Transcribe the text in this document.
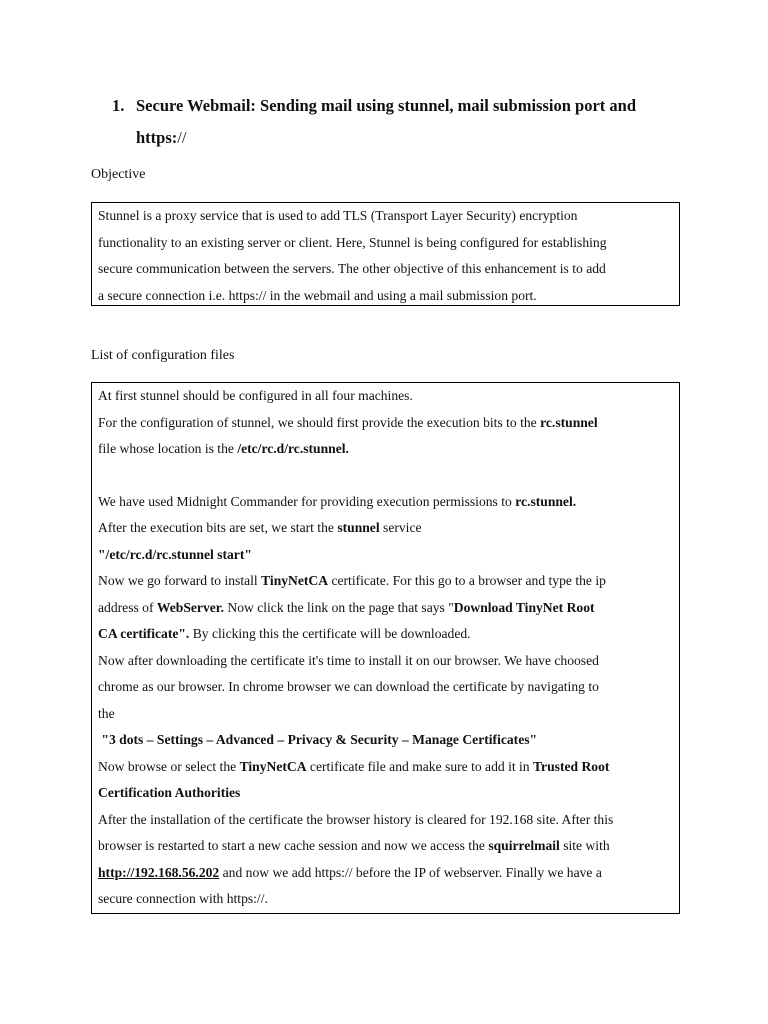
1. Secure Webmail: Sending mail using stunnel, mail submission port and https://

Objective

Stunnel is a proxy service that is used to add TLS (Transport Layer Security) encryption
functionality to an existing server or client. Here, Stunnel is being configured for establishing
secure communication between the servers. The other objective of this enhancement is to add
a secure connection i.e. https:// in the webmail and using a mail submission port.

List of configuration files

At first stunnel should be configured in all four machines.
For the configuration of stunnel, we should first provide the execution bits to the rc.stunnel
file whose location is the /etc/rc.d/rc.stunnel.
We have used Midnight Commander for providing execution permissions to rc.stunnel.
After the execution bits are set, we start the stunnel service
"/etc/rc.d/rc.stunnel start"
Now we go forward to install TinyNetCA certificate. For this go to a browser and type the ip
address of WebServer. Now click the link on the page that says "Download TinyNet Root
CA certificate". By clicking this the certificate will be downloaded.
Now after downloading the certificate it's time to install it on our browser. We have choosed
chrome as our browser. In chrome browser we can download the certificate by navigating to
the
"3 dots – Settings – Advanced – Privacy & Security – Manage Certificates"
Now browse or select the TinyNetCA certificate file and make sure to add it in Trusted Root
Certification Authorities
After the installation of the certificate the browser history is cleared for 192.168 site. After this
browser is restarted to start a new cache session and now we access the squirrelmail site with
http://192.168.56.202 and now we add https:// before the IP of webserver. Finally we have a
secure connection with https://.
